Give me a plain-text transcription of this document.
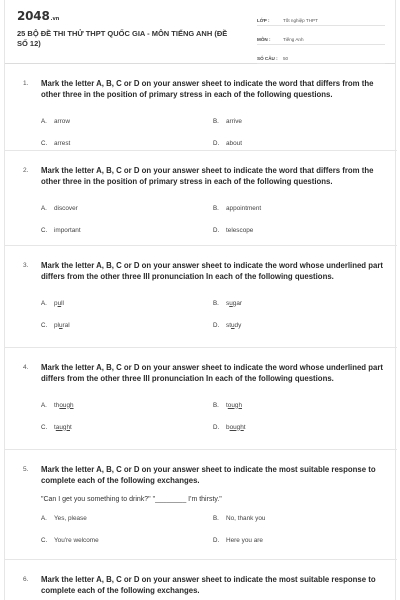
2048.vn
25 BỘ ĐỀ THI THỬ THPT QUỐC GIA - MÔN TIẾNG ANH (ĐỀ SỐ 12)
LỚP :	Tốt nghiệp THPT
MÔN :	Tiếng Anh
SỐ CÂU :	50
1.	Mark the letter A, B, C or D on your answer sheet to indicate the word that differs from the other three in the position of primary stress in each of the following questions.
A.	arrow	B.	arrive
C.	arrest	D.	about
2.	Mark the letter A, B, C or D on your answer sheet to indicate the word that differs from the other three in the position of primary stress in each of the following questions.
A.	discover	B.	appointment
C.	important	D.	telescope
3.	Mark the letter A, B, C or D on your answer sheet to indicate the word whose underlined part differs from the other three III pronunciation In each of the following questions.
A.	pull	B.	sugar
C.	plural	D.	study
4.	Mark the letter A, B, C or D on your answer sheet to indicate the word whose underlined part differs from the other three III pronunciation In each of the following questions.
A.	though	B.	tough
C.	taught	D.	bought
5.	Mark the letter A, B, C or D on your answer sheet to indicate the most suitable response to complete each of the following exchanges.
"Can I get you something to drink?" "________ I'm thirsty."
A.	Yes, please	B.	No, thank you
C.	You're welcome	D.	Here you are
6.	Mark the letter A, B, C or D on your answer sheet to indicate the most suitable response to complete each of the following exchanges.
